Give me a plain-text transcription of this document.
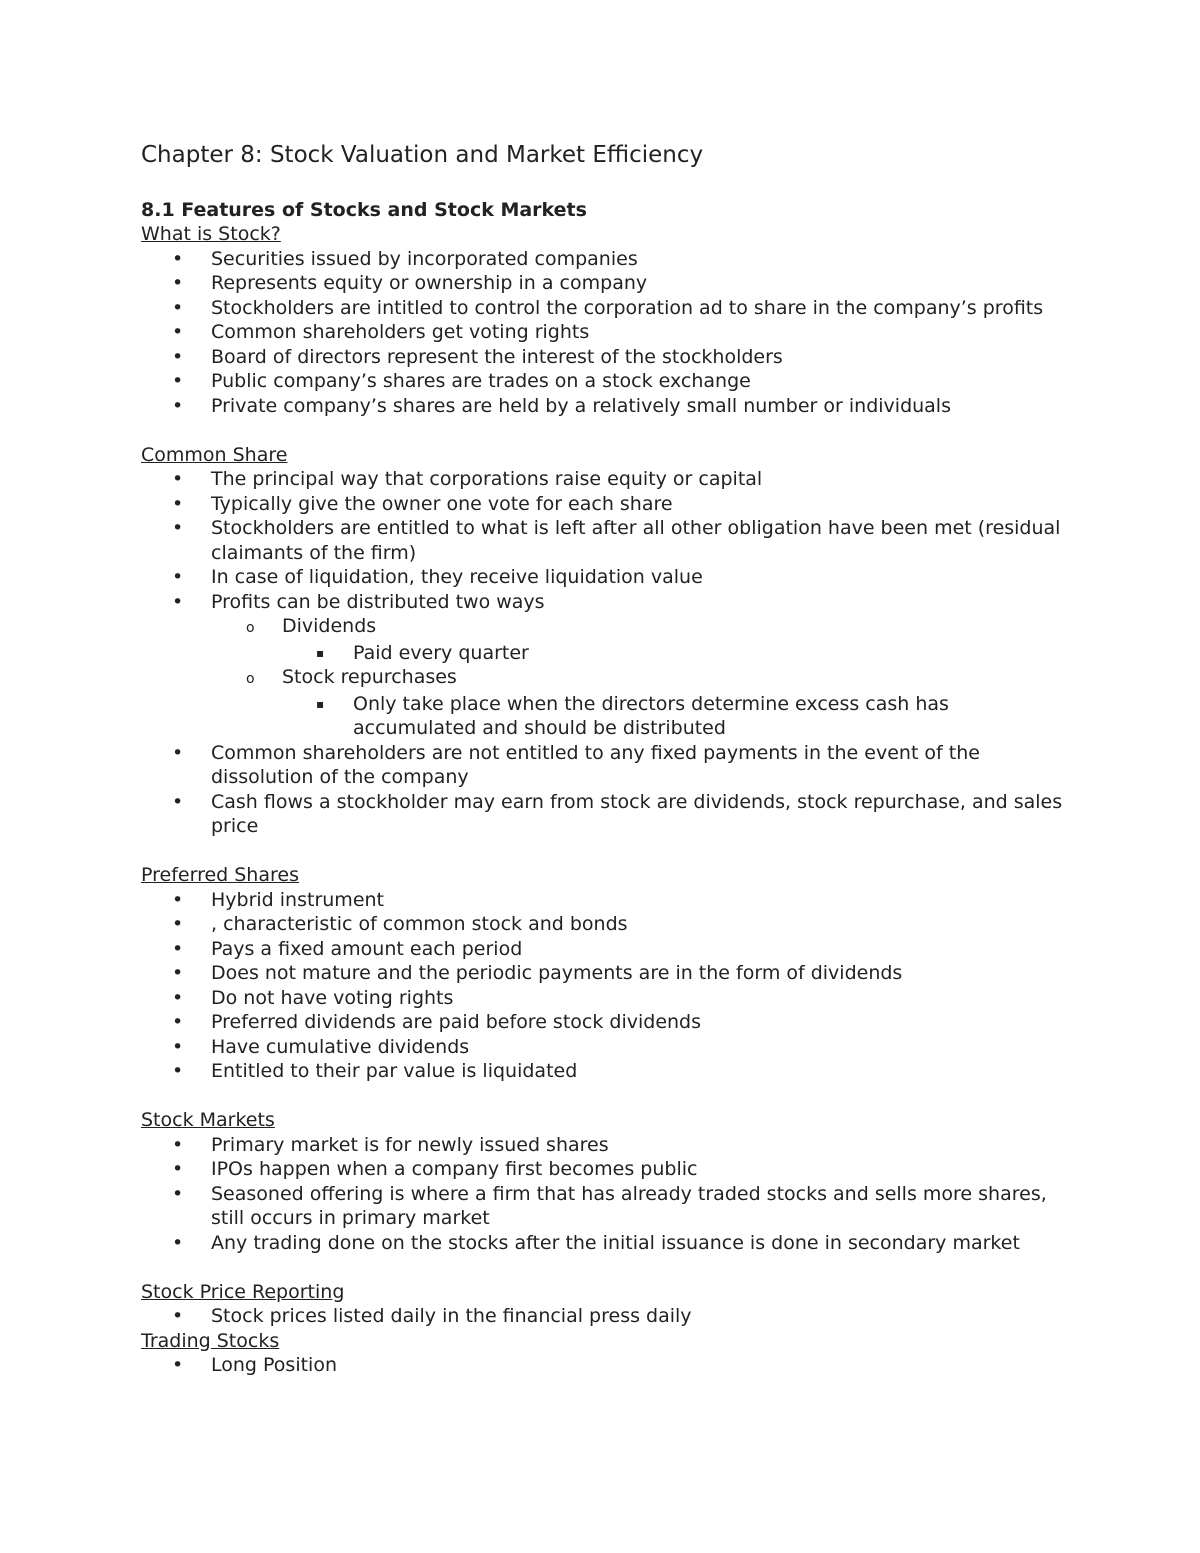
Chapter 8: Stock Valuation and Market Efficiency
8.1 Features of Stocks and Stock Markets
What is Stock?
• Securities issued by incorporated companies
• Represents equity or ownership in a company
• Stockholders are intitled to control the corporation ad to share in the company’s profits
• Common shareholders get voting rights
• Board of directors represent the interest of the stockholders
• Public company’s shares are trades on a stock exchange
• Private company’s shares are held by a relatively small number or individuals
Common Share
• The principal way that corporations raise equity or capital
• Typically give the owner one vote for each share
• Stockholders are entitled to what is left after all other obligation have been met (residual claimants of the firm)
• In case of liquidation, they receive liquidation value
• Profits can be distributed two ways
o Dividends
▪ Paid every quarter
o Stock repurchases
▪ Only take place when the directors determine excess cash has accumulated and should be distributed
• Common shareholders are not entitled to any fixed payments in the event of the dissolution of the company
• Cash flows a stockholder may earn from stock are dividends, stock repurchase, and sales price
Preferred Shares
• Hybrid instrument
• , characteristic of common stock and bonds
• Pays a fixed amount each period
• Does not mature and the periodic payments are in the form of dividends
• Do not have voting rights
• Preferred dividends are paid before stock dividends
• Have cumulative dividends
• Entitled to their par value is liquidated
Stock Markets
• Primary market is for newly issued shares
• IPOs happen when a company first becomes public
• Seasoned offering is where a firm that has already traded stocks and sells more shares, still occurs in primary market
• Any trading done on the stocks after the initial issuance is done in secondary market
Stock Price Reporting
• Stock prices listed daily in the financial press daily
Trading Stocks
• Long Position
